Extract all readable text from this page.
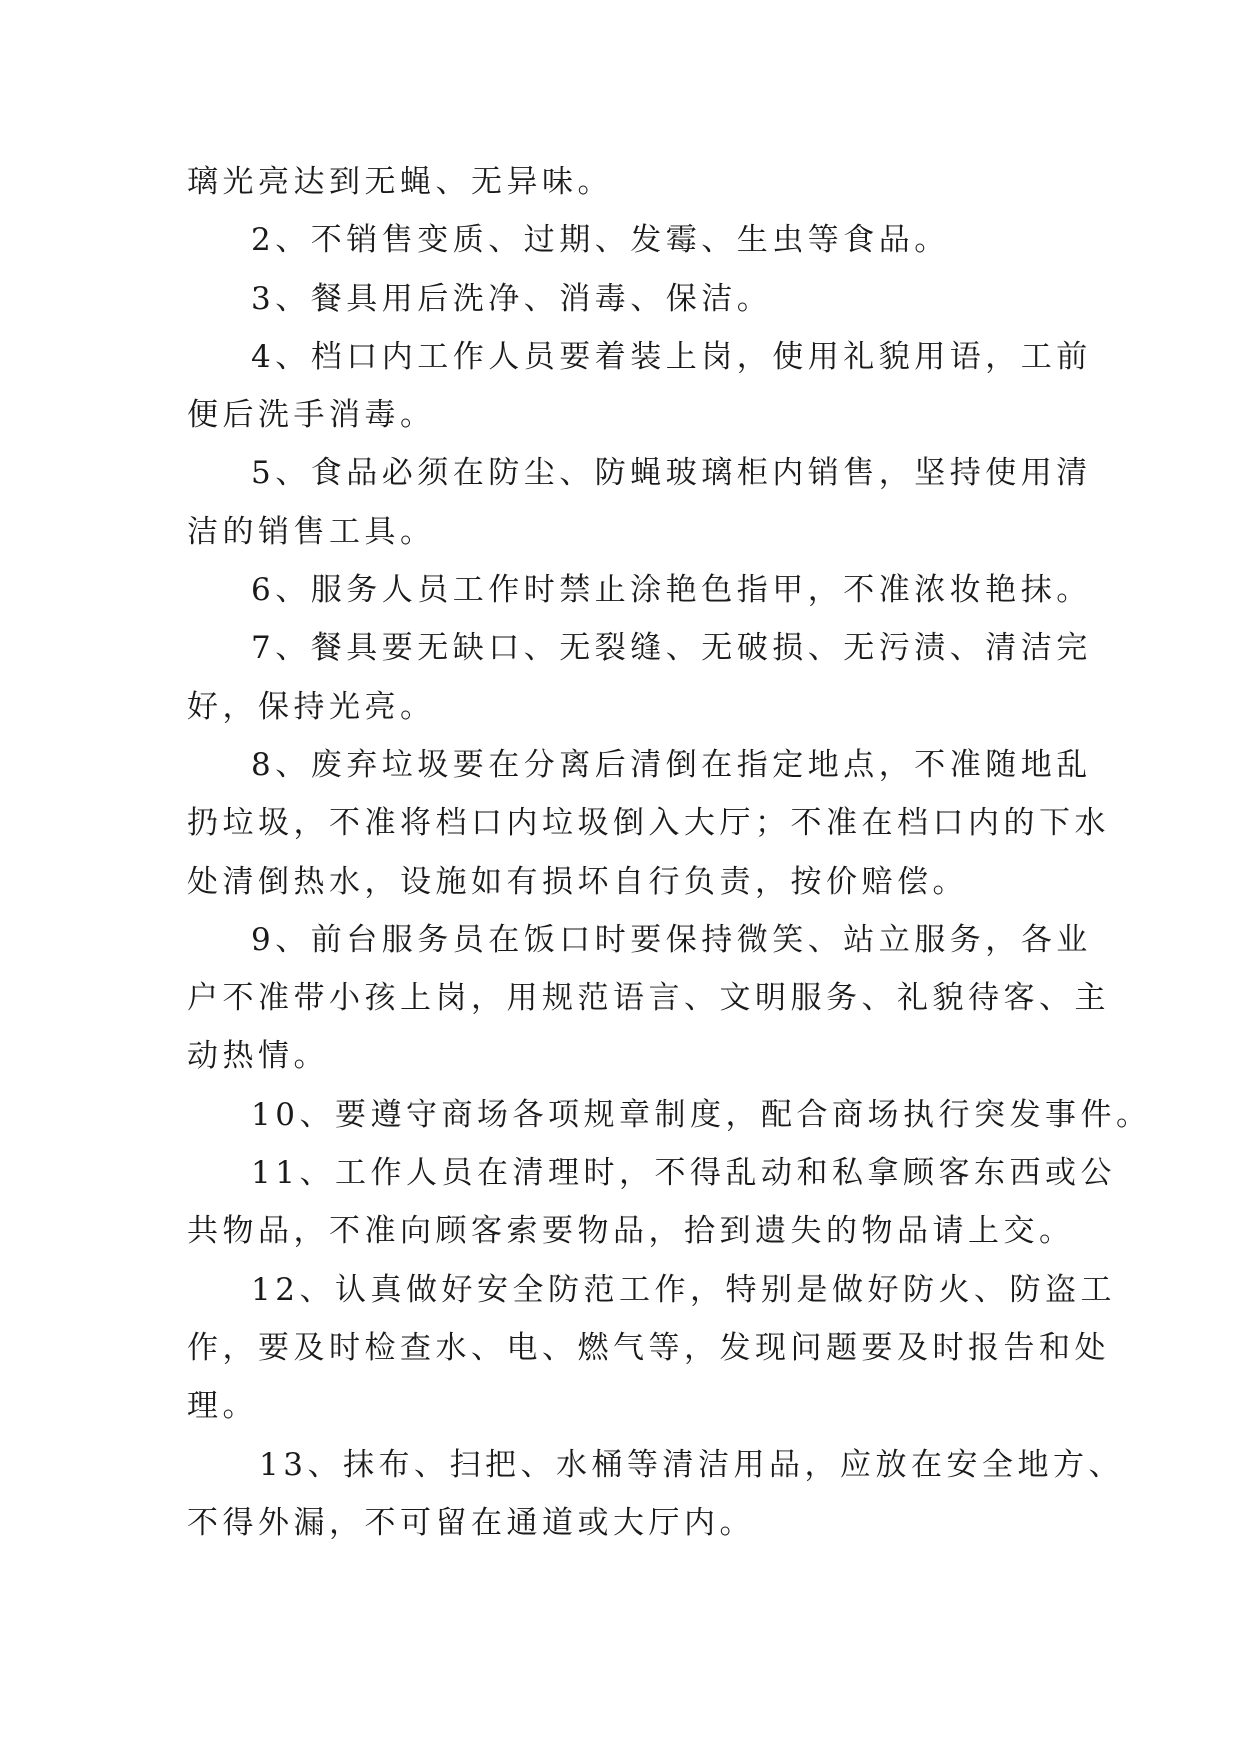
璃光亮达到无蝇、无异味。
2、不销售变质、过期、发霉、生虫等食品。
3、餐具用后洗净、消毒、保洁。
4、档口内工作人员要着装上岗，使用礼貌用语，工前
便后洗手消毒。
5、食品必须在防尘、防蝇玻璃柜内销售，坚持使用清
洁的销售工具。
6、服务人员工作时禁止涂艳色指甲，不准浓妆艳抹。
7、餐具要无缺口、无裂缝、无破损、无污渍、清洁完
好，保持光亮。
8、废弃垃圾要在分离后清倒在指定地点，不准随地乱
扔垃圾，不准将档口内垃圾倒入大厅；不准在档口内的下水
处清倒热水，设施如有损坏自行负责，按价赔偿。
9、前台服务员在饭口时要保持微笑、站立服务，各业
户不准带小孩上岗，用规范语言、文明服务、礼貌待客、主
动热情。
10、要遵守商场各项规章制度，配合商场执行突发事件。
11、工作人员在清理时，不得乱动和私拿顾客东西或公
共物品，不准向顾客索要物品，拾到遗失的物品请上交。
12、认真做好安全防范工作，特别是做好防火、防盗工
作，要及时检查水、电、燃气等，发现问题要及时报告和处
理。
13、抹布、扫把、水桶等清洁用品，应放在安全地方、
不得外漏，不可留在通道或大厅内。
